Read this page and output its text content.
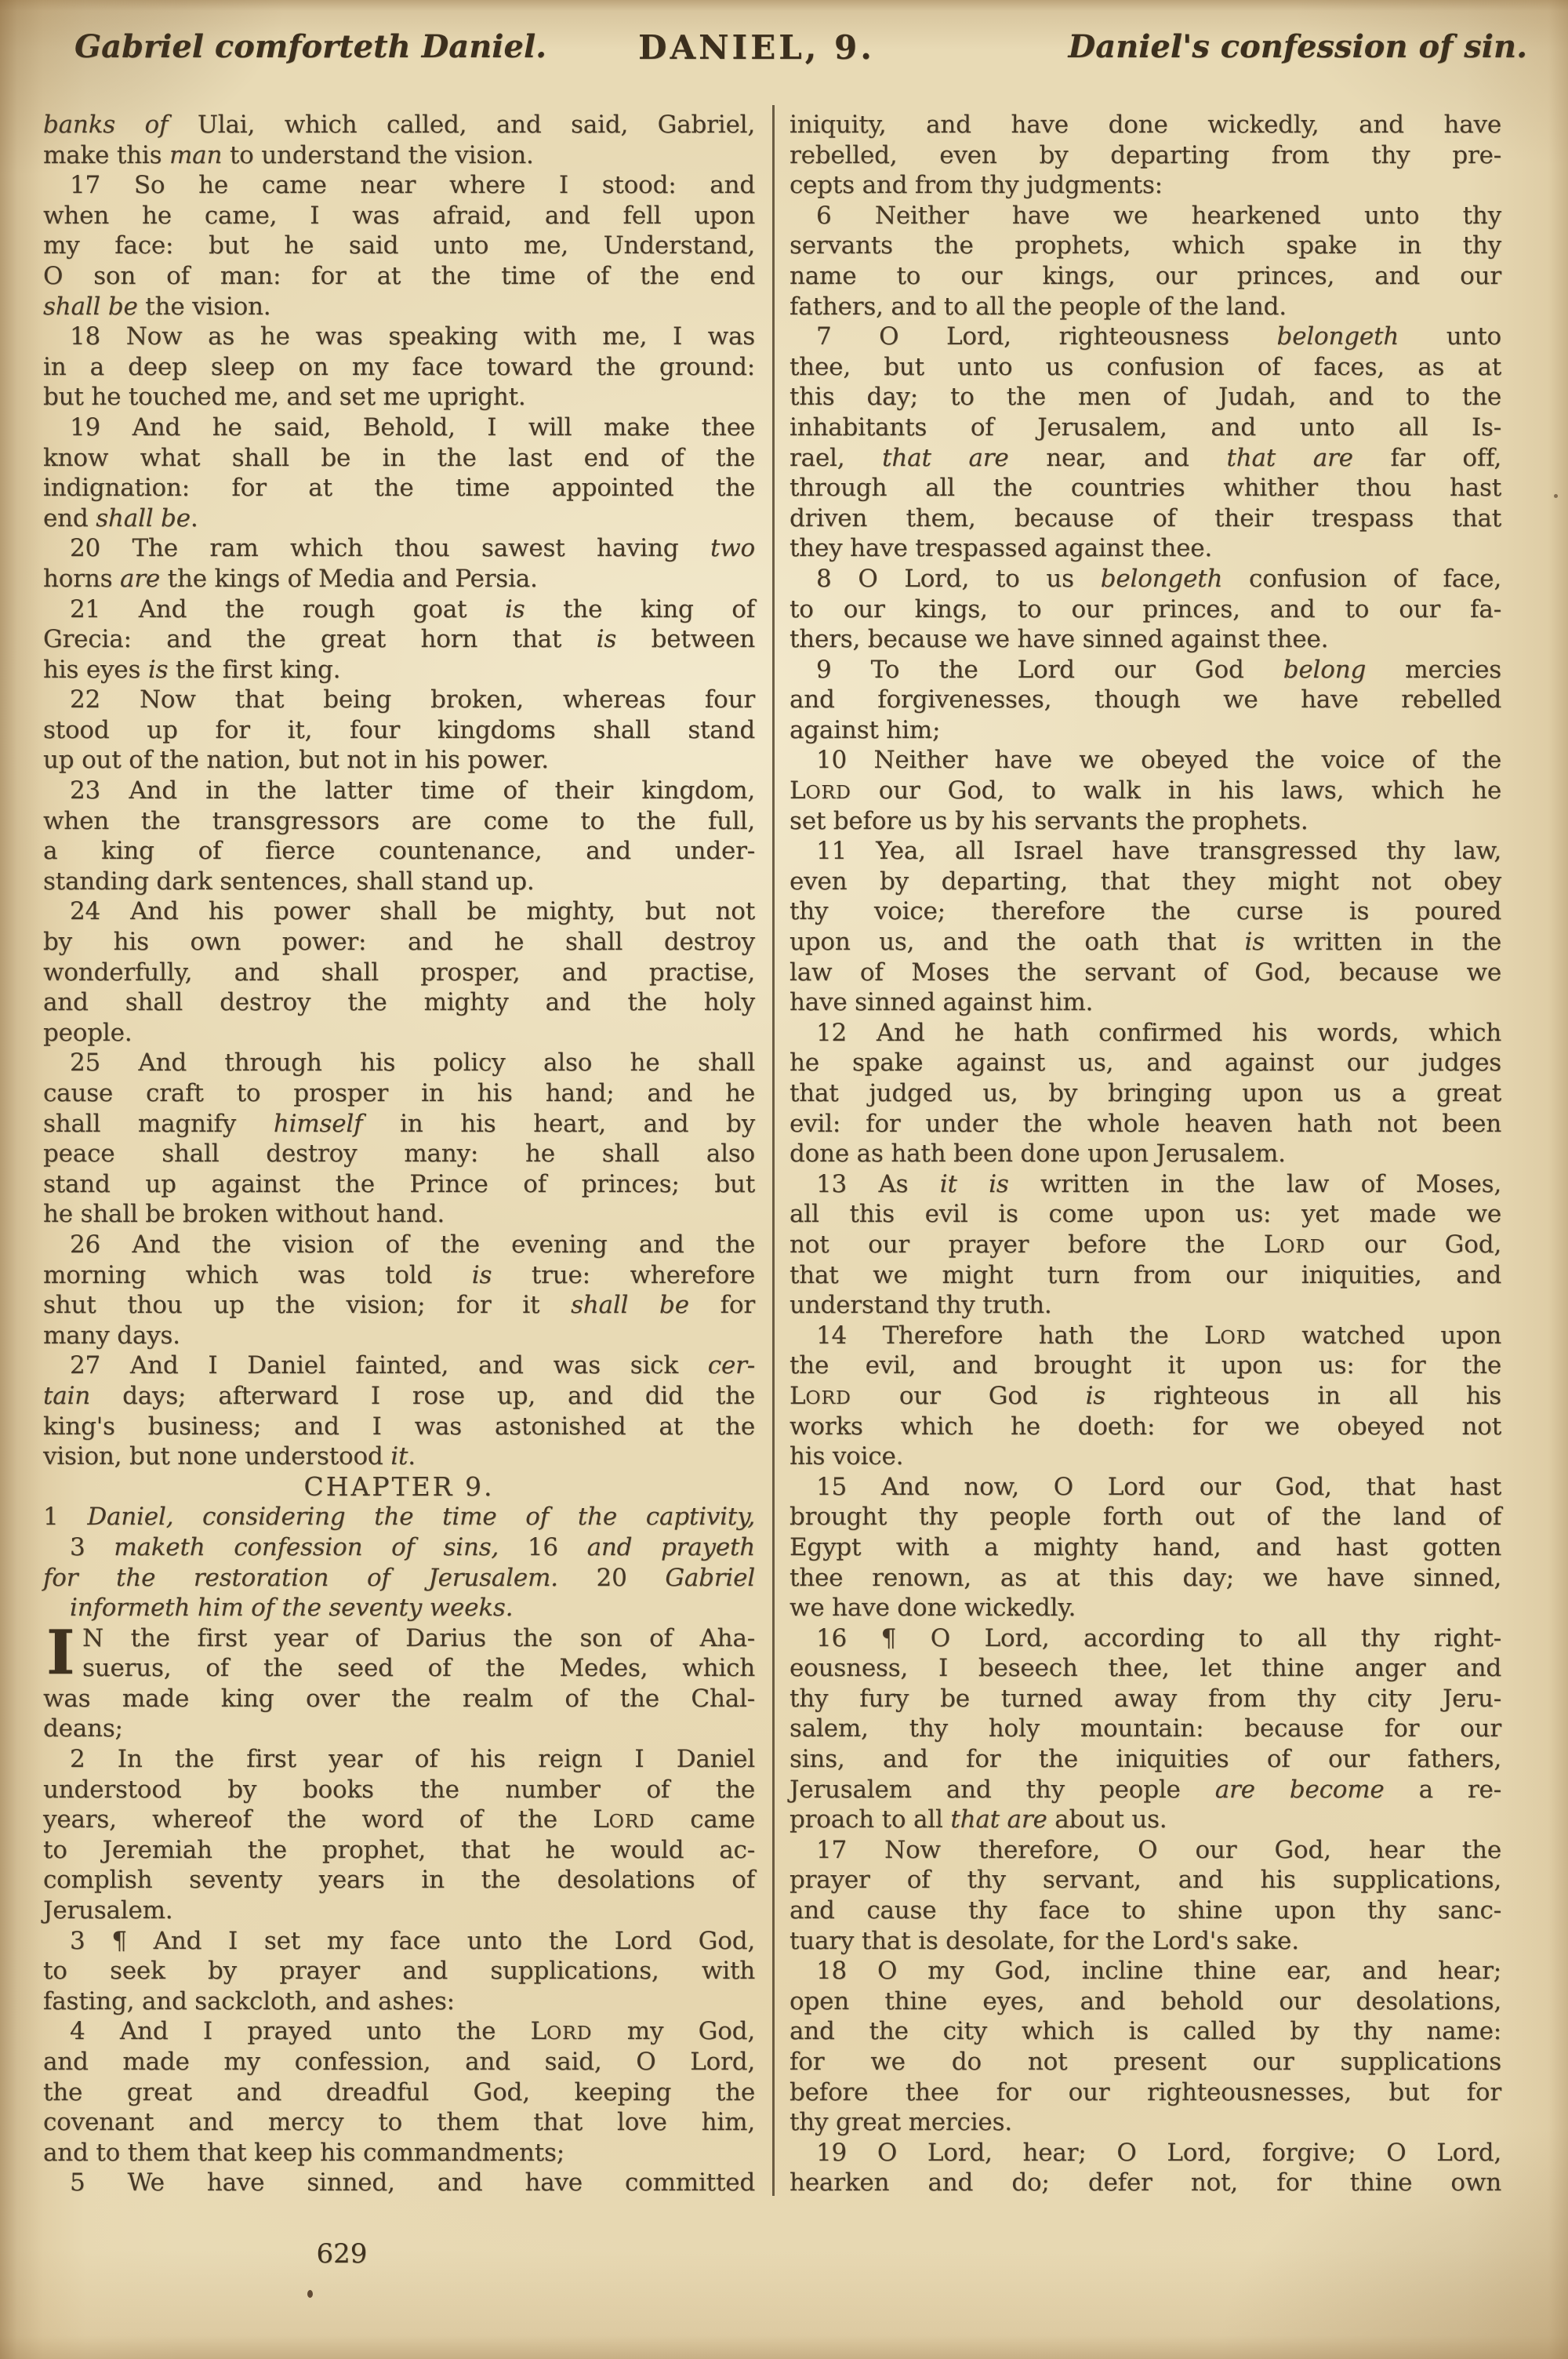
Gabriel comforteth Daniel.	DANIEL, 9.	Daniel's confession of sin.
banks of Ulai, which called, and said, Gabriel,
make this man to understand the vision.
17 So he came near where I stood: and
when he came, I was afraid, and fell upon
my face: but he said unto me, Understand,
O son of man: for at the time of the end
shall be the vision.
18 Now as he was speaking with me, I was
in a deep sleep on my face toward the ground:
but he touched me, and set me upright.
19 And he said, Behold, I will make thee
know what shall be in the last end of the
indignation: for at the time appointed the
end shall be.
20 The ram which thou sawest having two
horns are the kings of Media and Persia.
21 And the rough goat is the king of
Grecia: and the great horn that is between
his eyes is the first king.
22 Now that being broken, whereas four
stood up for it, four kingdoms shall stand
up out of the nation, but not in his power.
23 And in the latter time of their kingdom,
when the transgressors are come to the full,
a king of fierce countenance, and under-
standing dark sentences, shall stand up.
24 And his power shall be mighty, but not
by his own power: and he shall destroy
wonderfully, and shall prosper, and practise,
and shall destroy the mighty and the holy
people.
25 And through his policy also he shall
cause craft to prosper in his hand; and he
shall magnify himself in his heart, and by
peace shall destroy many: he shall also
stand up against the Prince of princes; but
he shall be broken without hand.
26 And the vision of the evening and the
morning which was told is true: wherefore
shut thou up the vision; for it shall be for
many days.
27 And I Daniel fainted, and was sick cer-
tain days; afterward I rose up, and did the
king's business; and I was astonished at the
vision, but none understood it.
CHAPTER 9.
1 Daniel, considering the time of the captivity,
3 maketh confession of sins, 16 and prayeth
for the restoration of Jerusalem. 20 Gabriel
informeth him of the seventy weeks.
I N the first year of Darius the son of Aha-
suerus, of the seed of the Medes, which
was made king over the realm of the Chal-
deans;
2 In the first year of his reign I Daniel
understood by books the number of the
years, whereof the word of the LORD came
to Jeremiah the prophet, that he would ac-
complish seventy years in the desolations of
Jerusalem.
3 ¶ And I set my face unto the Lord God,
to seek by prayer and supplications, with
fasting, and sackcloth, and ashes:
4 And I prayed unto the LORD my God,
and made my confession, and said, O Lord,
the great and dreadful God, keeping the
covenant and mercy to them that love him,
and to them that keep his commandments;
5 We have sinned, and have committed
iniquity, and have done wickedly, and have
rebelled, even by departing from thy pre-
cepts and from thy judgments:
6 Neither have we hearkened unto thy
servants the prophets, which spake in thy
name to our kings, our princes, and our
fathers, and to all the people of the land.
7 O Lord, righteousness belongeth unto
thee, but unto us confusion of faces, as at
this day; to the men of Judah, and to the
inhabitants of Jerusalem, and unto all Is-
rael, that are near, and that are far off,
through all the countries whither thou hast
driven them, because of their trespass that
they have trespassed against thee.
8 O Lord, to us belongeth confusion of face,
to our kings, to our princes, and to our fa-
thers, because we have sinned against thee.
9 To the Lord our God belong mercies
and forgivenesses, though we have rebelled
against him;
10 Neither have we obeyed the voice of the
LORD our God, to walk in his laws, which he
set before us by his servants the prophets.
11 Yea, all Israel have transgressed thy law,
even by departing, that they might not obey
thy voice; therefore the curse is poured
upon us, and the oath that is written in the
law of Moses the servant of God, because we
have sinned against him.
12 And he hath confirmed his words, which
he spake against us, and against our judges
that judged us, by bringing upon us a great
evil: for under the whole heaven hath not been
done as hath been done upon Jerusalem.
13 As it is written in the law of Moses,
all this evil is come upon us: yet made we
not our prayer before the LORD our God,
that we might turn from our iniquities, and
understand thy truth.
14 Therefore hath the LORD watched upon
the evil, and brought it upon us: for the
LORD our God is righteous in all his
works which he doeth: for we obeyed not
his voice.
15 And now, O Lord our God, that hast
brought thy people forth out of the land of
Egypt with a mighty hand, and hast gotten
thee renown, as at this day; we have sinned,
we have done wickedly.
16 ¶ O Lord, according to all thy right-
eousness, I beseech thee, let thine anger and
thy fury be turned away from thy city Jeru-
salem, thy holy mountain: because for our
sins, and for the iniquities of our fathers,
Jerusalem and thy people are become a re-
proach to all that are about us.
17 Now therefore, O our God, hear the
prayer of thy servant, and his supplications,
and cause thy face to shine upon thy sanc-
tuary that is desolate, for the Lord's sake.
18 O my God, incline thine ear, and hear;
open thine eyes, and behold our desolations,
and the city which is called by thy name:
for we do not present our supplications
before thee for our righteousnesses, but for
thy great mercies.
19 O Lord, hear; O Lord, forgive; O Lord,
hearken and do; defer not, for thine own
629
